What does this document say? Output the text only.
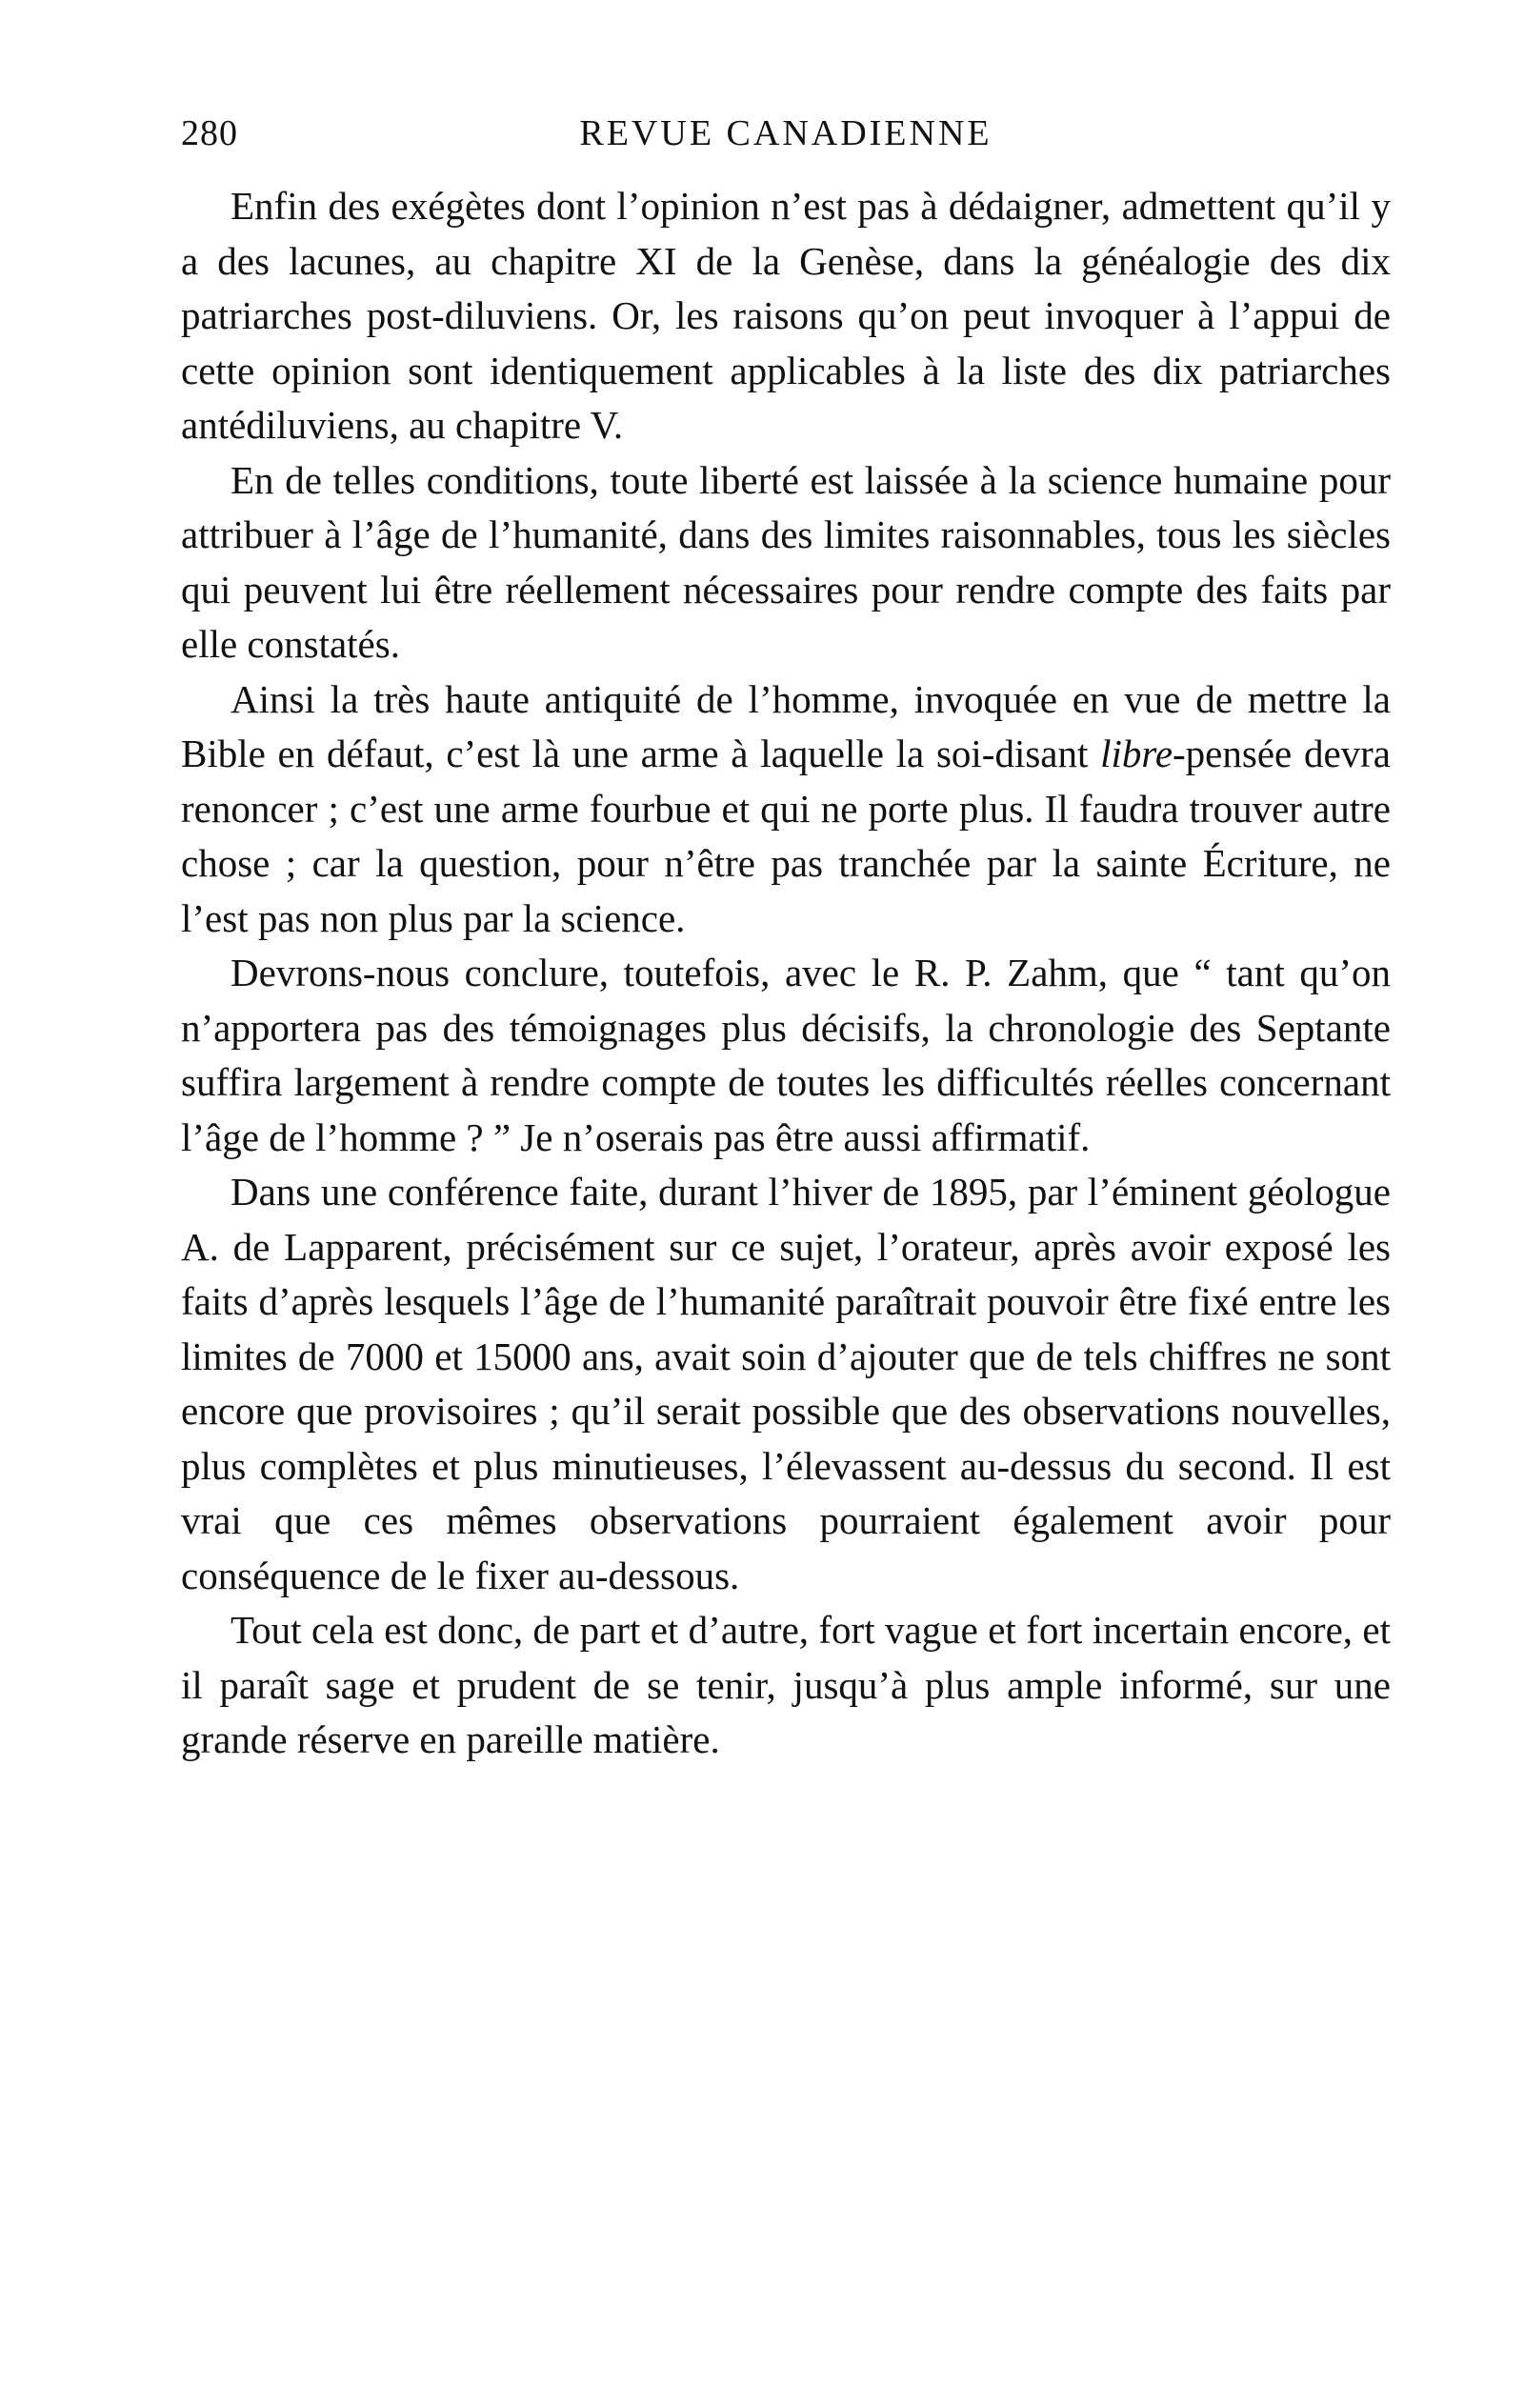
280	REVUE CANADIENNE

Enfin des exégètes dont l’opinion n’est pas à dédaigner, admettent qu’il y a des lacunes, au chapitre XI de la Genèse, dans la généalogie des dix patriarches post-diluviens. Or, les raisons qu’on peut invoquer à l’appui de cette opinion sont identiquement applicables à la liste des dix patriarches antédiluviens, au chapitre V.

En de telles conditions, toute liberté est laissée à la science humaine pour attribuer à l’âge de l’humanité, dans des limites raisonnables, tous les siècles qui peuvent lui être réellement nécessaires pour rendre compte des faits par elle constatés.

Ainsi la très haute antiquité de l’homme, invoquée en vue de mettre la Bible en défaut, c’est là une arme à laquelle la soi-disant libre-pensée devra renoncer ; c’est une arme fourbue et qui ne porte plus. Il faudra trouver autre chose ; car la question, pour n’être pas tranchée par la sainte Écriture, ne l’est pas non plus par la science.

Devrons-nous conclure, toutefois, avec le R. P. Zahm, que “ tant qu’on n’apportera pas des témoignages plus décisifs, la chronologie des Septante suffira largement à rendre compte de toutes les difficultés réelles concernant l’âge de l’homme ? ” Je n’oserais pas être aussi affirmatif.

Dans une conférence faite, durant l’hiver de 1895, par l’éminent géologue A. de Lapparent, précisément sur ce sujet, l’orateur, après avoir exposé les faits d’après lesquels l’âge de l’humanité paraîtrait pouvoir être fixé entre les limites de 7000 et 15000 ans, avait soin d’ajouter que de tels chiffres ne sont encore que provisoires ; qu’il serait possible que des observations nouvelles, plus complètes et plus minutieuses, l’élevassent au-dessus du second. Il est vrai que ces mêmes observations pourraient également avoir pour conséquence de le fixer au-dessous.

Tout cela est donc, de part et d’autre, fort vague et fort incertain encore, et il paraît sage et prudent de se tenir, jusqu’à plus ample informé, sur une grande réserve en pareille matière.
